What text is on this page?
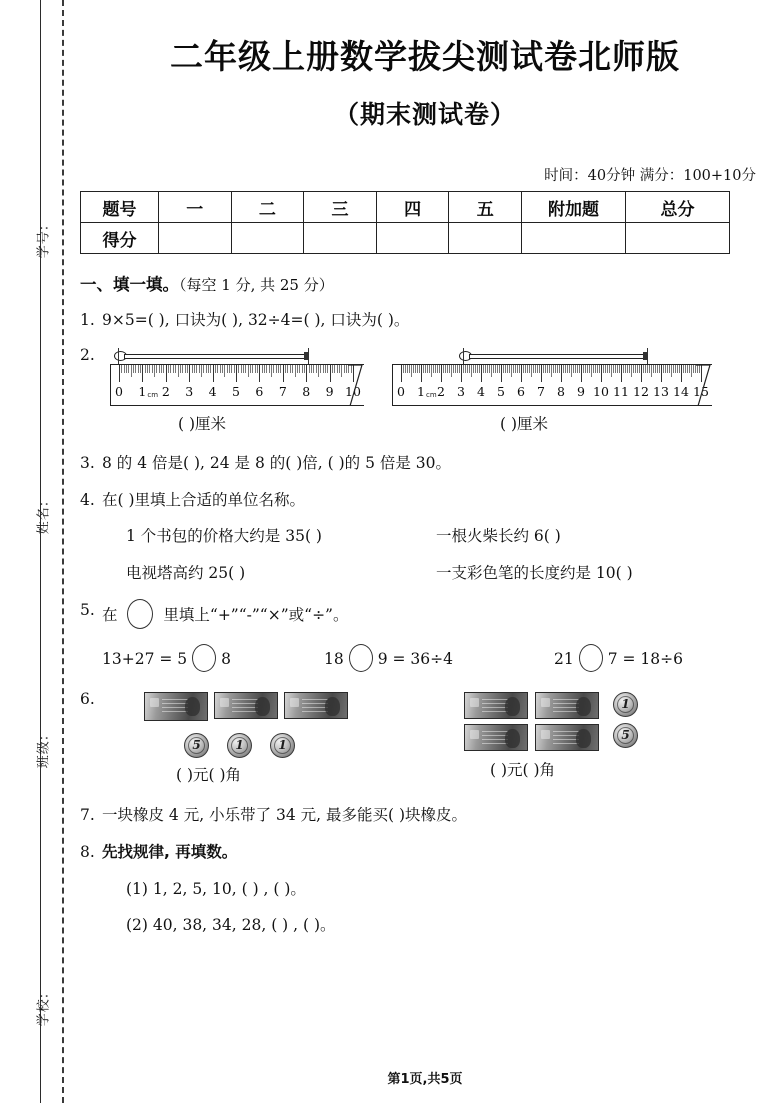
学号:
姓名:
班级:
学校:
二年级上册数学拔尖测试卷北师版
（期末测试卷）
时间：40分钟 满分：100+10分
题号	一	二	三	四	五	附加题	总分
得分							
一、填一填。（每空 1 分, 共 25 分）
1. 9×5=( ), 口诀为( ), 32÷4=( ), 口诀为( )。
2.
0 1 cm 2 3 4 5 6 7 8 9 10	0 1 cm 2 3 4 5 6 7 8 9 10 11 12 13 14 15
( )厘米	( )厘米
3. 8 的 4 倍是( ), 24 是 8 的( )倍, ( )的 5 倍是 30。
4. 在( )里填上合适的单位名称。
1 个书包的价格大约是 35( )	一根火柴长约 6( )
电视塔高约 25( )	一支彩色笔的长度约是 10( )
5. 在	里填上“+”“-”“×”或“÷”。
13+27 = 5 8	18 9 = 36÷4	21 7 = 18÷6
6.
5	1	1
( )元( )角
1
5
( )元( )角
7. 一块橡皮 4 元, 小乐带了 34 元, 最多能买( )块橡皮。
8. 先找规律, 再填数。
(1) 1, 2, 5, 10, ( ) , ( )。
(2) 40, 38, 34, 28, ( ) , ( )。
第1页,共5页
